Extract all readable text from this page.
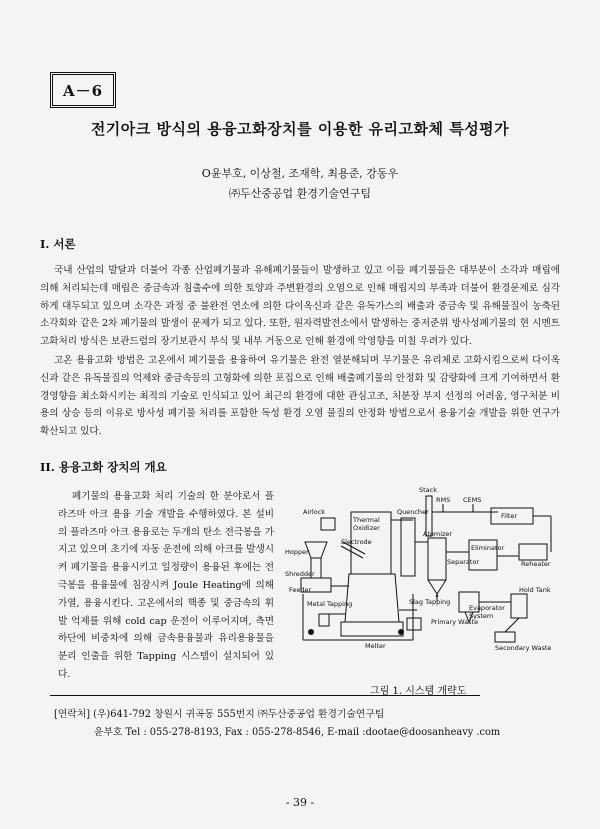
A－6
전기아크 방식의 용융고화장치를 이용한 유리고화체 특성평가
O윤부호, 이상철, 조재학, 최용준, 강동우
㈜두산중공업 환경기술연구팀
I. 서론

국내 산업의 발달과 더불어 각종 산업폐기물과 유해폐기물들이 발생하고 있고 이들 폐기물들은 대부분이 소각과 매립에 의해 처리되는데 매립은 중금속과 침출수에 의한 토양과 주변환경의 오염으로 인해 매립지의 부족과 더불어 환경문제로 심각하게 대두되고 있으며 소각은 과정 중 불완전 연소에 의한 다이옥신과 같은 유독가스의 배출과 중금속 및 유해물질이 농축된 소각회와 같은 2차 폐기물의 발생이 문제가 되고 있다. 또한, 원자력발전소에서 발생하는 중저준위 방사성폐기물의 현 시멘트 고화처리 방식은 보관드럼의 장기보관시 부식 및 내부 거동으로 인해 환경에 악영향을 미칠 우려가 있다.

고온 용융고화 방법은 고온에서 폐기물을 용융하여 유기물은 완전 열분해되며 무기물은 유리체로 고화시킴으로써 다이옥신과 같은 유독물질의 억제와 중금속등의 고형화에 의한 포집으로 인해 배출폐기물의 안정화 및 감량화에 크게 기여하면서 환경영향을 최소화시키는 최적의 기술로 인식되고 있어 최근의 환경에 대한 관심고조, 처분장 부지 선정의 어려움, 영구처분 비용의 상승 등의 이유로 방사성 폐기물 처리를 포함한 독성 환경 오염 물질의 안정화 방법으로서 용융기술 개발을 위한 연구가 확산되고 있다.

II. 용융고화 장치의 개요

폐기물의 용융고화 처리 기술의 한 분야로서 플라즈마 아크 용융 기술 개발을 수행하였다. 본 설비의 플라즈마 아크 용융로는 두개의 탄소 전극봉을 가지고 있으며 초기에 자동 운전에 의해 아크를 발생시켜 폐기물을 용융시키고 일정량이 용융된 후에는 전극봉을 용융물에 침잠시켜 Joule Heating에 의해 가열, 용융시킨다. 고온에서의 핵종 및 중금속의 휘발 억제를 위해 cold cap 운전이 이루어지며, 측면 하단에 비중차에 의해 금속용융물과 유리용융물을 분리 인출을 위한 Tapping 시스템이 설치되어 있다.

Stack
RMS CEMS
Filter
Airlock
Thermal Oxidizer
Quencher
Electrode
Hopper
Atomizer
Separator
Eliminator
Reheater
Shredder
Feeder
Metal Tapping	Slag Tapping
Melter
Primary Waste
Evaporator System
Hold Tank
Secondary Waste
그림 1. 시스템 개략도
[연락처] (우)641-792 창원시 귀곡동 555번지 ㈜두산중공업 환경기술연구팀
윤부호 Tel : 055-278-8193, Fax : 055-278-8546, E-mail :dootae@doosanheavy .com
- 39 -
